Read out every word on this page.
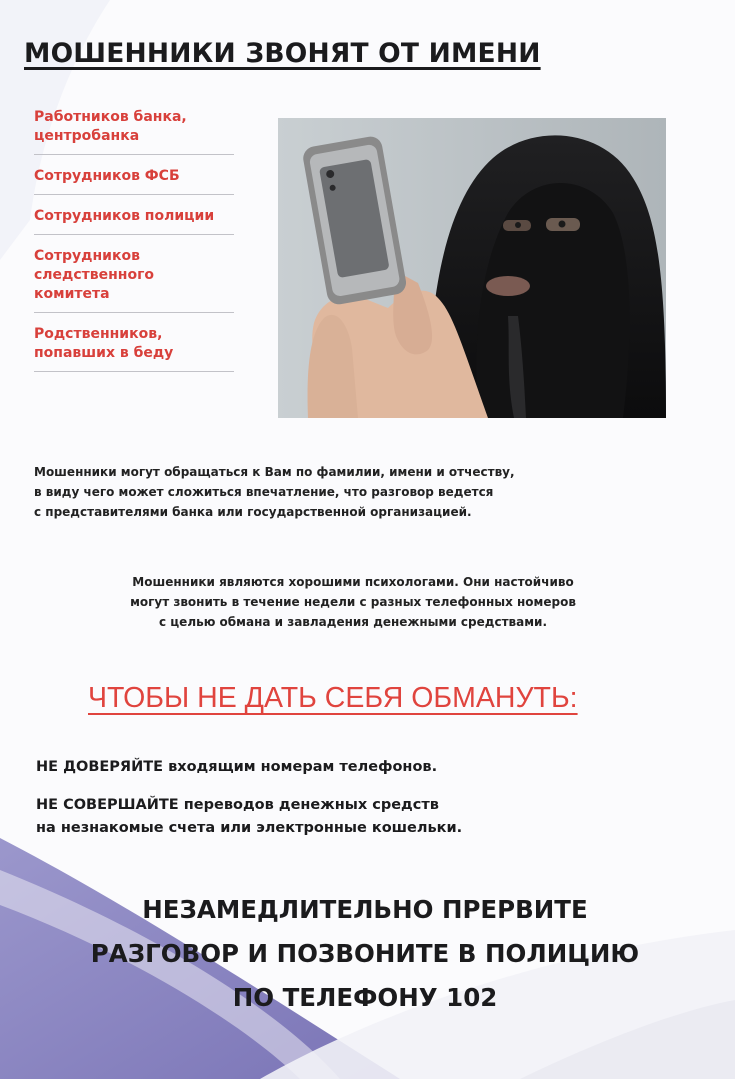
МОШЕННИКИ ЗВОНЯТ ОТ ИМЕНИ
Работников банка, центробанка
Сотрудников ФСБ
Сотрудников полиции
Сотрудников следственного комитета
Родственников, попавших в беду

Мошенники могут обращаться к Вам по фамилии, имени и отчеству,
в виду чего может сложиться впечатление, что разговор ведется
с представителями банка или государственной организацией.

Мошенники являются хорошими психологами. Они настойчиво
могут звонить в течение недели с разных телефонных номеров
с целью обмана и завладения денежными средствами.

ЧТОБЫ НЕ ДАТЬ СЕБЯ ОБМАНУТЬ:
НЕ ДОВЕРЯЙТЕ входящим номерам телефонов.
НЕ СОВЕРШАЙТЕ переводов денежных средств
на незнакомые счета или электронные кошельки.
НЕЗАМЕДЛИТЕЛЬНО ПРЕРВИТЕ
РАЗГОВОР И ПОЗВОНИТЕ В ПОЛИЦИЮ
ПО ТЕЛЕФОНУ 102
